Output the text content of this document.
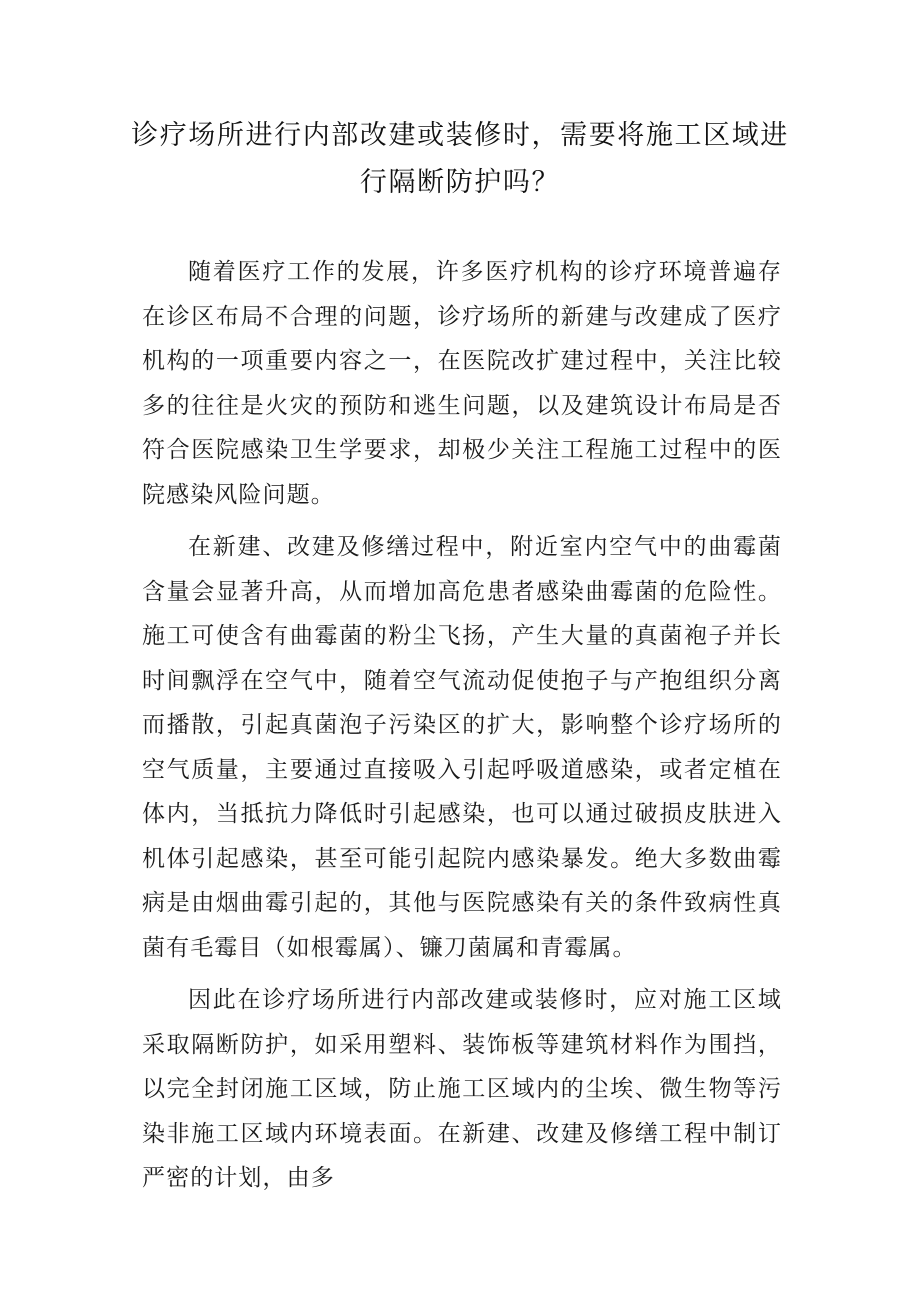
诊疗场所进行内部改建或装修时，需要将施工区域进行隔断防护吗？

随着医疗工作的发展，许多医疗机构的诊疗环境普遍存在诊区布局不合理的问题，诊疗场所的新建与改建成了医疗机构的一项重要内容之一，在医院改扩建过程中，关注比较多的往往是火灾的预防和逃生问题，以及建筑设计布局是否符合医院感染卫生学要求，却极少关注工程施工过程中的医院感染风险问题。

在新建、改建及修缮过程中，附近室内空气中的曲霉菌含量会显著升高，从而增加高危患者感染曲霉菌的危险性。施工可使含有曲霉菌的粉尘飞扬，产生大量的真菌袍子并长时间飘浮在空气中，随着空气流动促使抱子与产抱组织分离而播散，引起真菌泡子污染区的扩大，影响整个诊疗场所的空气质量，主要通过直接吸入引起呼吸道感染，或者定植在体内，当抵抗力降低时引起感染，也可以通过破损皮肤进入机体引起感染，甚至可能引起院内感染暴发。绝大多数曲霉病是由烟曲霉引起的，其他与医院感染有关的条件致病性真菌有毛霉目（如根霉属）、镰刀菌属和青霉属。

因此在诊疗场所进行内部改建或装修时，应对施工区域采取隔断防护，如采用塑料、装饰板等建筑材料作为围挡，以完全封闭施工区域，防止施工区域内的尘埃、微生物等污染非施工区域内环境表面。在新建、改建及修缮工程中制订严密的计划，由多
